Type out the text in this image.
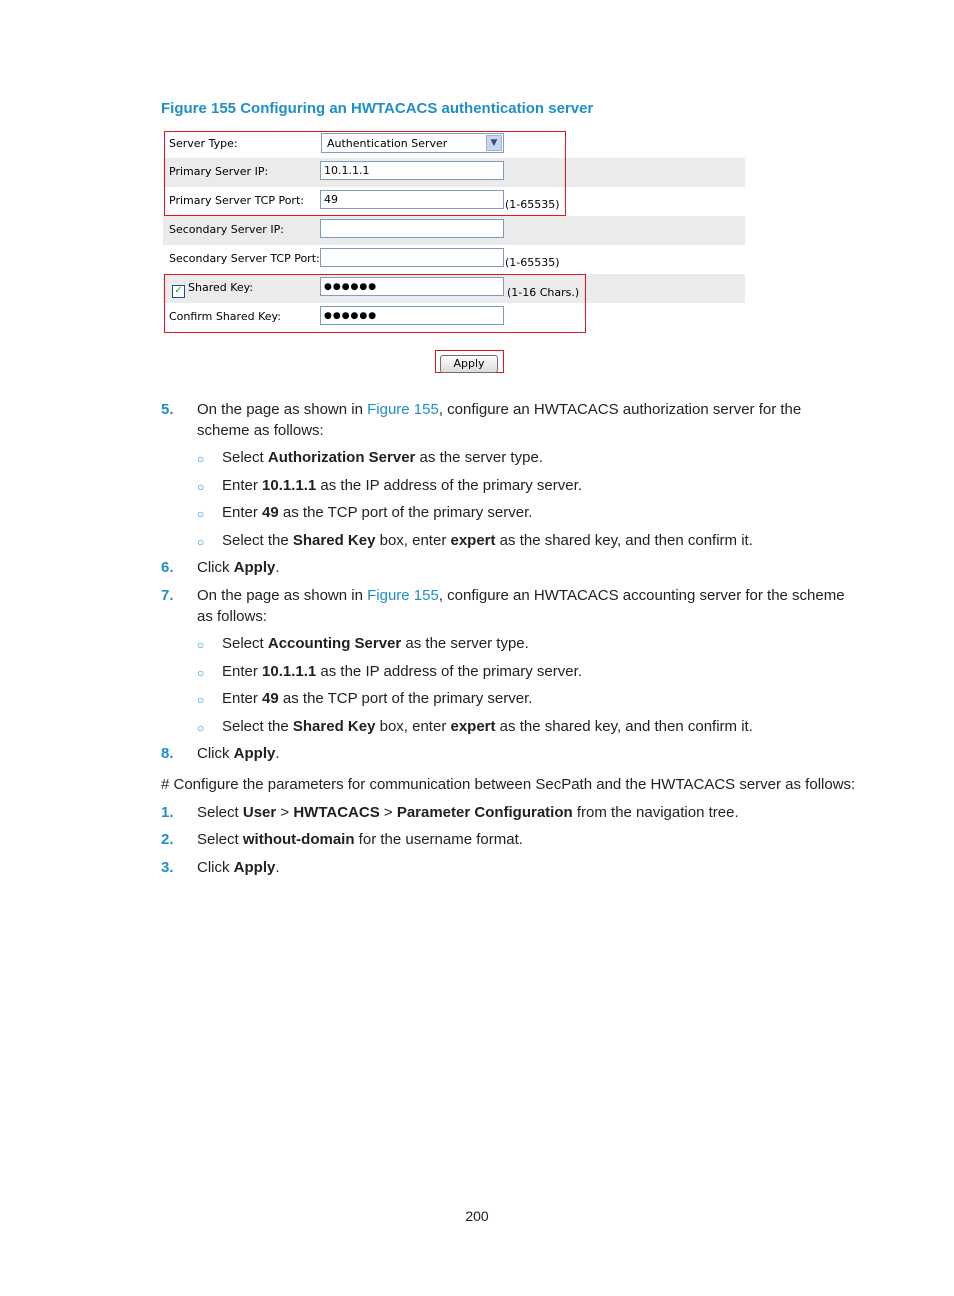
Figure 155 Configuring an HWTACACS authentication server
Server Type:	Authentication Server	▼
Primary Server IP:	10.1.1.1
Primary Server TCP Port:	49	(1-65535)
Secondary Server IP:
Secondary Server TCP Port:	(1-65535)
✓ Shared Key:	●●●●●●	(1-16 Chars.)
Confirm Shared Key:	●●●●●●
Apply
5. On the page as shown in Figure 155, configure an HWTACACS authorization server for the
scheme as follows:
○ Select Authorization Server as the server type.
○ Enter 10.1.1.1 as the IP address of the primary server.
○ Enter 49 as the TCP port of the primary server.
○ Select the Shared Key box, enter expert as the shared key, and then confirm it.
6. Click Apply.
7. On the page as shown in Figure 155, configure an HWTACACS accounting server for the scheme
as follows:
○ Select Accounting Server as the server type.
○ Enter 10.1.1.1 as the IP address of the primary server.
○ Enter 49 as the TCP port of the primary server.
○ Select the Shared Key box, enter expert as the shared key, and then confirm it.
8. Click Apply.
# Configure the parameters for communication between SecPath and the HWTACACS server as follows:
1. Select User > HWTACACS > Parameter Configuration from the navigation tree.
2. Select without-domain for the username format.
3. Click Apply.
200
